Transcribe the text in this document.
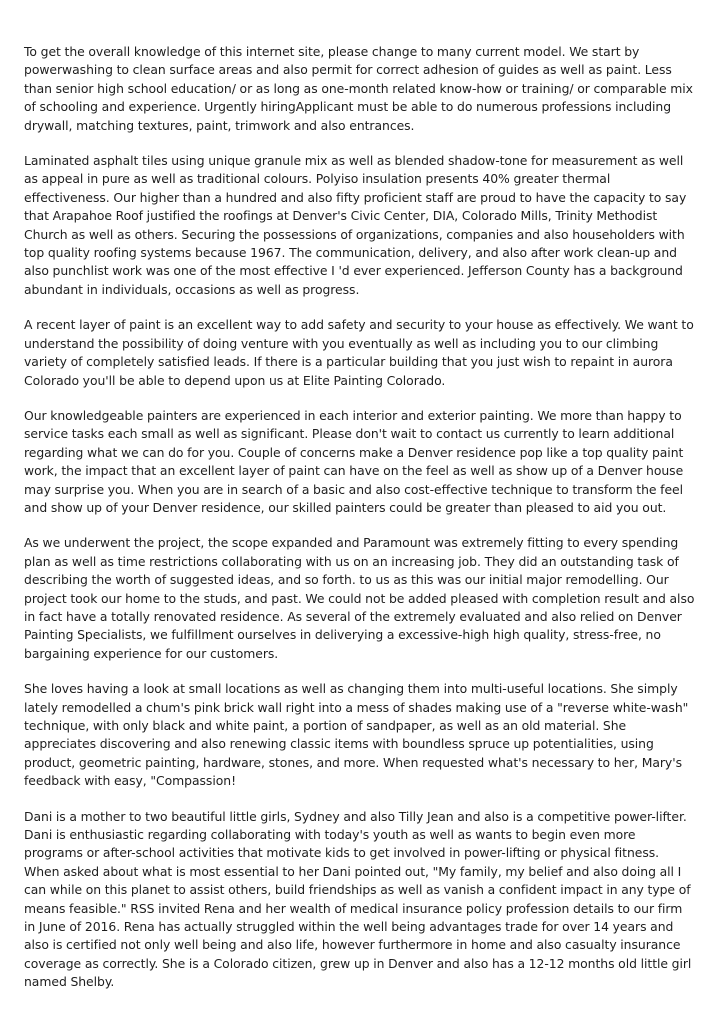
To get the overall knowledge of this internet site, please change to many current model. We start by powerwashing to clean surface areas and also permit for correct adhesion of guides as well as paint. Less than senior high school education/ or as long as one-month related know-how or training/ or comparable mix of schooling and experience. Urgently hiringApplicant must be able to do numerous professions including drywall, matching textures, paint, trimwork and also entrances.

Laminated asphalt tiles using unique granule mix as well as blended shadow-tone for measurement as well as appeal in pure as well as traditional colours. Polyiso insulation presents 40% greater thermal effectiveness. Our higher than a hundred and also fifty proficient staff are proud to have the capacity to say that Arapahoe Roof justified the roofings at Denver's Civic Center, DIA, Colorado Mills, Trinity Methodist Church as well as others. Securing the possessions of organizations, companies and also householders with top quality roofing systems because 1967. The communication, delivery, and also after work clean-up and also punchlist work was one of the most effective I 'd ever experienced. Jefferson County has a background abundant in individuals, occasions as well as progress.

A recent layer of paint is an excellent way to add safety and security to your house as effectively. We want to understand the possibility of doing venture with you eventually as well as including you to our climbing variety of completely satisfied leads. If there is a particular building that you just wish to repaint in aurora Colorado you'll be able to depend upon us at Elite Painting Colorado.

Our knowledgeable painters are experienced in each interior and exterior painting. We more than happy to service tasks each small as well as significant. Please don't wait to contact us currently to learn additional regarding what we can do for you. Couple of concerns make a Denver residence pop like a top quality paint work, the impact that an excellent layer of paint can have on the feel as well as show up of a Denver house may surprise you. When you are in search of a basic and also cost-effective technique to transform the feel and show up of your Denver residence, our skilled painters could be greater than pleased to aid you out.

As we underwent the project, the scope expanded and Paramount was extremely fitting to every spending plan as well as time restrictions collaborating with us on an increasing job. They did an outstanding task of describing the worth of suggested ideas, and so forth. to us as this was our initial major remodelling. Our project took our home to the studs, and past. We could not be added pleased with completion result and also in fact have a totally renovated residence. As several of the extremely evaluated and also relied on Denver Painting Specialists, we fulfillment ourselves in deliverying a excessive-high high quality, stress-free, no bargaining experience for our customers.

She loves having a look at small locations as well as changing them into multi-useful locations. She simply lately remodelled a chum's pink brick wall right into a mess of shades making use of a "reverse white-wash" technique, with only black and white paint, a portion of sandpaper, as well as an old material. She appreciates discovering and also renewing classic items with boundless spruce up potentialities, using product, geometric painting, hardware, stones, and more. When requested what's necessary to her, Mary's feedback with easy, "Compassion!

Dani is a mother to two beautiful little girls, Sydney and also Tilly Jean and also is a competitive power-lifter. Dani is enthusiastic regarding collaborating with today's youth as well as wants to begin even more programs or after-school activities that motivate kids to get involved in power-lifting or physical fitness. When asked about what is most essential to her Dani pointed out, "My family, my belief and also doing all I can while on this planet to assist others, build friendships as well as vanish a confident impact in any type of means feasible." RSS invited Rena and her wealth of medical insurance policy profession details to our firm in June of 2016. Rena has actually struggled within the well being advantages trade for over 14 years and also is certified not only well being and also life, however furthermore in home and also casualty insurance coverage as correctly. She is a Colorado citizen, grew up in Denver and also has a 12-12 months old little girl named Shelby.
